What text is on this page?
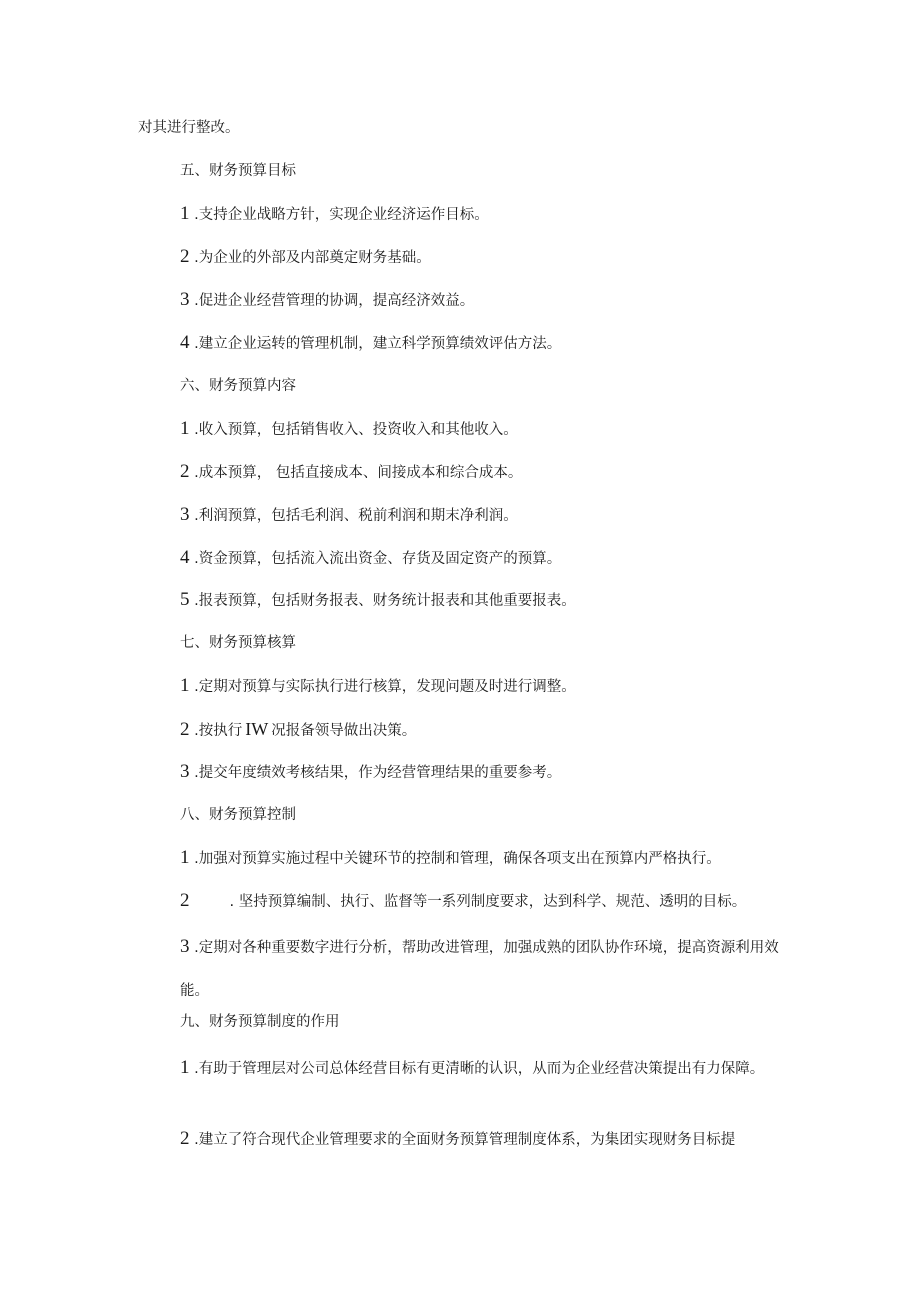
对其进行整改。
五、财务预算目标
1 .支持企业战略方针，实现企业经济运作目标。
2 .为企业的外部及内部奠定财务基础。
3 .促进企业经营管理的协调，提高经济效益。
4 .建立企业运转的管理机制，建立科学预算绩效评估方法。
六、财务预算内容
1 .收入预算，包括销售收入、投资收入和其他收入。
2 .成本预算， 包括直接成本、间接成本和综合成本。
3 .利润预算，包括毛利润、税前利润和期末净利润。
4 .资金预算，包括流入流出资金、存货及固定资产的预算。
5 .报表预算，包括财务报表、财务统计报表和其他重要报表。
七、财务预算核算
1 .定期对预算与实际执行进行核算，发现问题及时进行调整。
2 .按执行 IW 况报备领导做出决策。
3 .提交年度绩效考核结果，作为经营管理结果的重要参考。
八、财务预算控制
1 .加强对预算实施过程中关键环节的控制和管理，确保各项支出在预算内严格执行。
2	. 坚持预算编制、执行、监督等一系列制度要求，达到科学、规范、透明的目标。
3 .定期对各种重要数字进行分析，帮助改进管理，加强成熟的团队协作环境，提高资源利用效能。
九、财务预算制度的作用
1 .有助于管理层对公司总体经营目标有更清晰的认识，从而为企业经营决策提出有力保障。
2 .建立了符合现代企业管理要求的全面财务预算管理制度体系，为集团实现财务目标提
